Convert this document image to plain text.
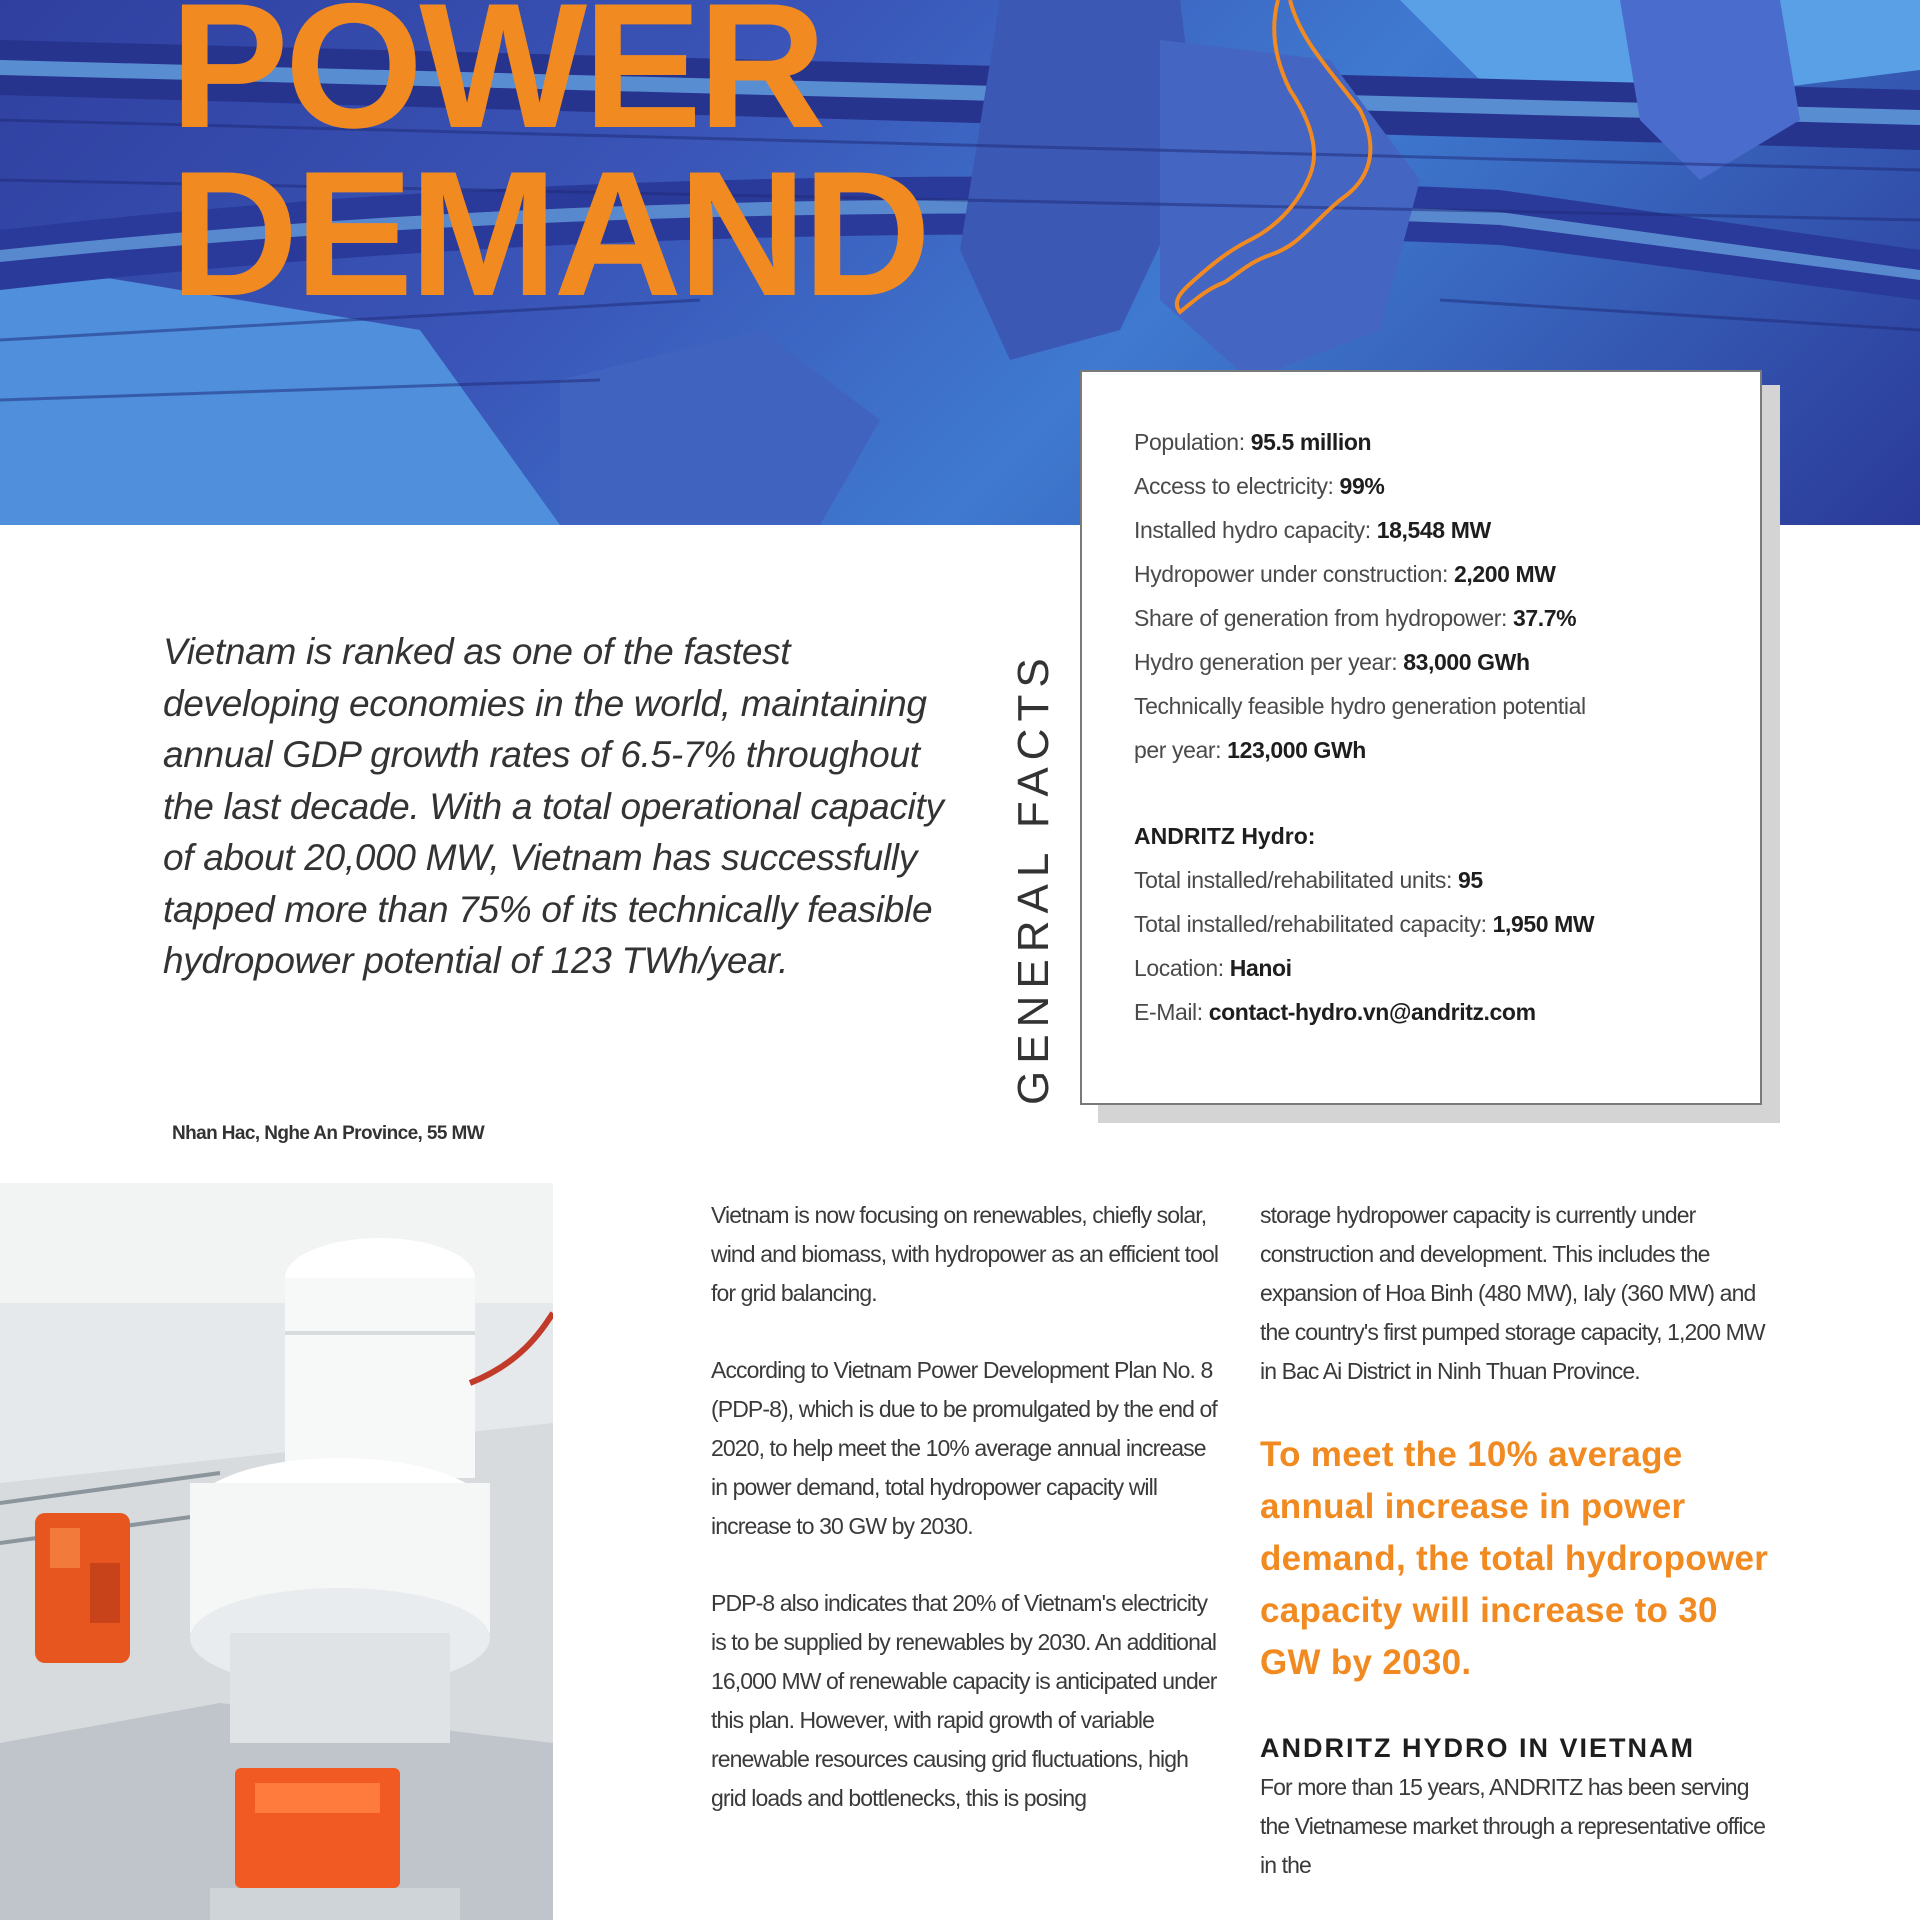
POWER
DEMAND
Population: 95.5 million
Access to electricity: 99%
Installed hydro capacity: 18,548 MW
Hydropower under construction: 2,200 MW
Share of generation from hydropower: 37.7%
Hydro generation per year: 83,000 GWh
Technically feasible hydro generation potential
per year: 123,000 GWh
ANDRITZ Hydro:
Total installed/rehabilitated units: 95
Total installed/rehabilitated capacity: 1,950 MW
Location: Hanoi
E-Mail: contact-hydro.vn@andritz.com
GENERAL FACTS

Vietnam is ranked as one of the fastest developing economies in the world, maintaining annual GDP growth rates of 6.5-7% throughout the last decade. With a total operational capacity of about 20,000 MW, Vietnam has successfully tapped more than 75% of its technically feasible hydropower potential of 123 TWh/year.

Nhan Hac, Nghe An Province, 55 MW

Vietnam is now focusing on renewables, chiefly solar, wind and biomass, with hydropower as an efficient tool for grid balancing.

According to Vietnam Power Development Plan No. 8 (PDP-8), which is due to be promulgated by the end of 2020, to help meet the 10% average annual increase in power demand, total hydropower capacity will increase to 30 GW by 2030.

PDP-8 also indicates that 20% of Vietnam's electricity is to be supplied by renewables by 2030. An additional 16,000 MW of renewable capacity is anticipated under this plan. However, with rapid growth of variable renewable resources causing grid fluctuations, high grid loads and bottlenecks, this is posing

storage hydropower capacity is currently under construction and development. This includes the expansion of Hoa Binh (480 MW), Ialy (360 MW) and the country's first pumped storage capacity, 1,200 MW in Bac Ai District in Ninh Thuan Province.

To meet the 10% average annual increase in power demand, the total hydropower capacity will increase to 30 GW by 2030.
ANDRITZ HYDRO IN VIETNAM

For more than 15 years, ANDRITZ has been serving the Vietnamese market through a representative office in the
